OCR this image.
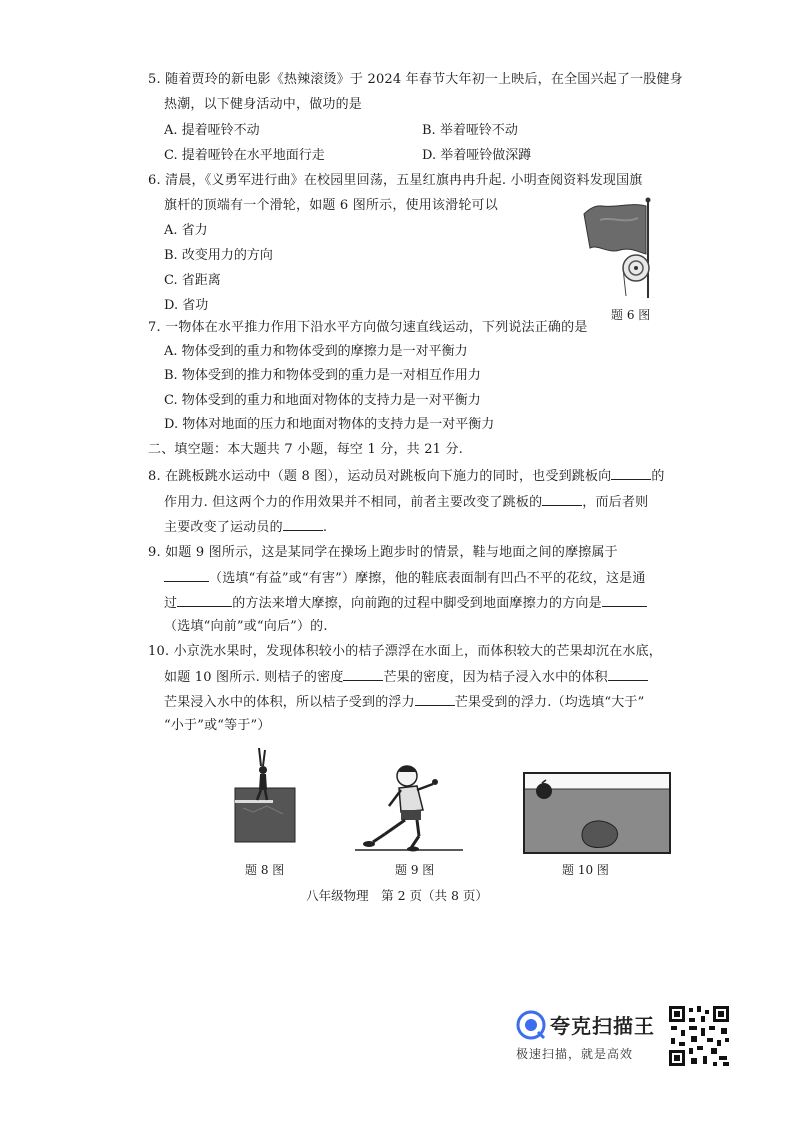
5. 随着贾玲的新电影《热辣滚烫》于 2024 年春节大年初一上映后，在全国兴起了一股健身
热潮，以下健身活动中，做功的是
A. 提着哑铃不动	B. 举着哑铃不动
C. 提着哑铃在水平地面行走	D. 举着哑铃做深蹲
6. 清晨，《义勇军进行曲》在校园里回荡，五星红旗冉冉升起. 小明查阅资料发现国旗
旗杆的顶端有一个滑轮，如题 6 图所示，使用该滑轮可以
A. 省力
B. 改变用力的方向
C. 省距离
D. 省功
题 6 图
7. 一物体在水平推力作用下沿水平方向做匀速直线运动，下列说法正确的是
A. 物体受到的重力和物体受到的摩擦力是一对平衡力
B. 物体受到的推力和物体受到的重力是一对相互作用力
C. 物体受到的重力和地面对物体的支持力是一对平衡力
D. 物体对地面的压力和地面对物体的支持力是一对平衡力
二、填空题：本大题共 7 小题，每空 1 分，共 21 分.
8. 在跳板跳水运动中（题 8 图），运动员对跳板向下施力的同时，也受到跳板向	的
作用力. 但这两个力的作用效果并不相同，前者主要改变了跳板的	，而后者则
主要改变了运动员的	.
9. 如题 9 图所示，这是某同学在操场上跑步时的情景，鞋与地面之间的摩擦属于
（选填“有益”或“有害”）摩擦，他的鞋底表面制有凹凸不平的花纹，这是通
过	的方法来增大摩擦，向前跑的过程中脚受到地面摩擦力的方向是
（选填“向前”或“向后”）的.
10. 小京洗水果时，发现体积较小的桔子漂浮在水面上，而体积较大的芒果却沉在水底，
如题 10 图所示. 则桔子的密度	芒果的密度，因为桔子浸入水中的体积
芒果浸入水中的体积，所以桔子受到的浮力	芒果受到的浮力.（均选填“大于”
“小于”或“等于”）
题 8 图	题 9 图	题 10 图
八年级物理　第 2 页（共 8 页）
夸克扫描王
极速扫描，就是高效
